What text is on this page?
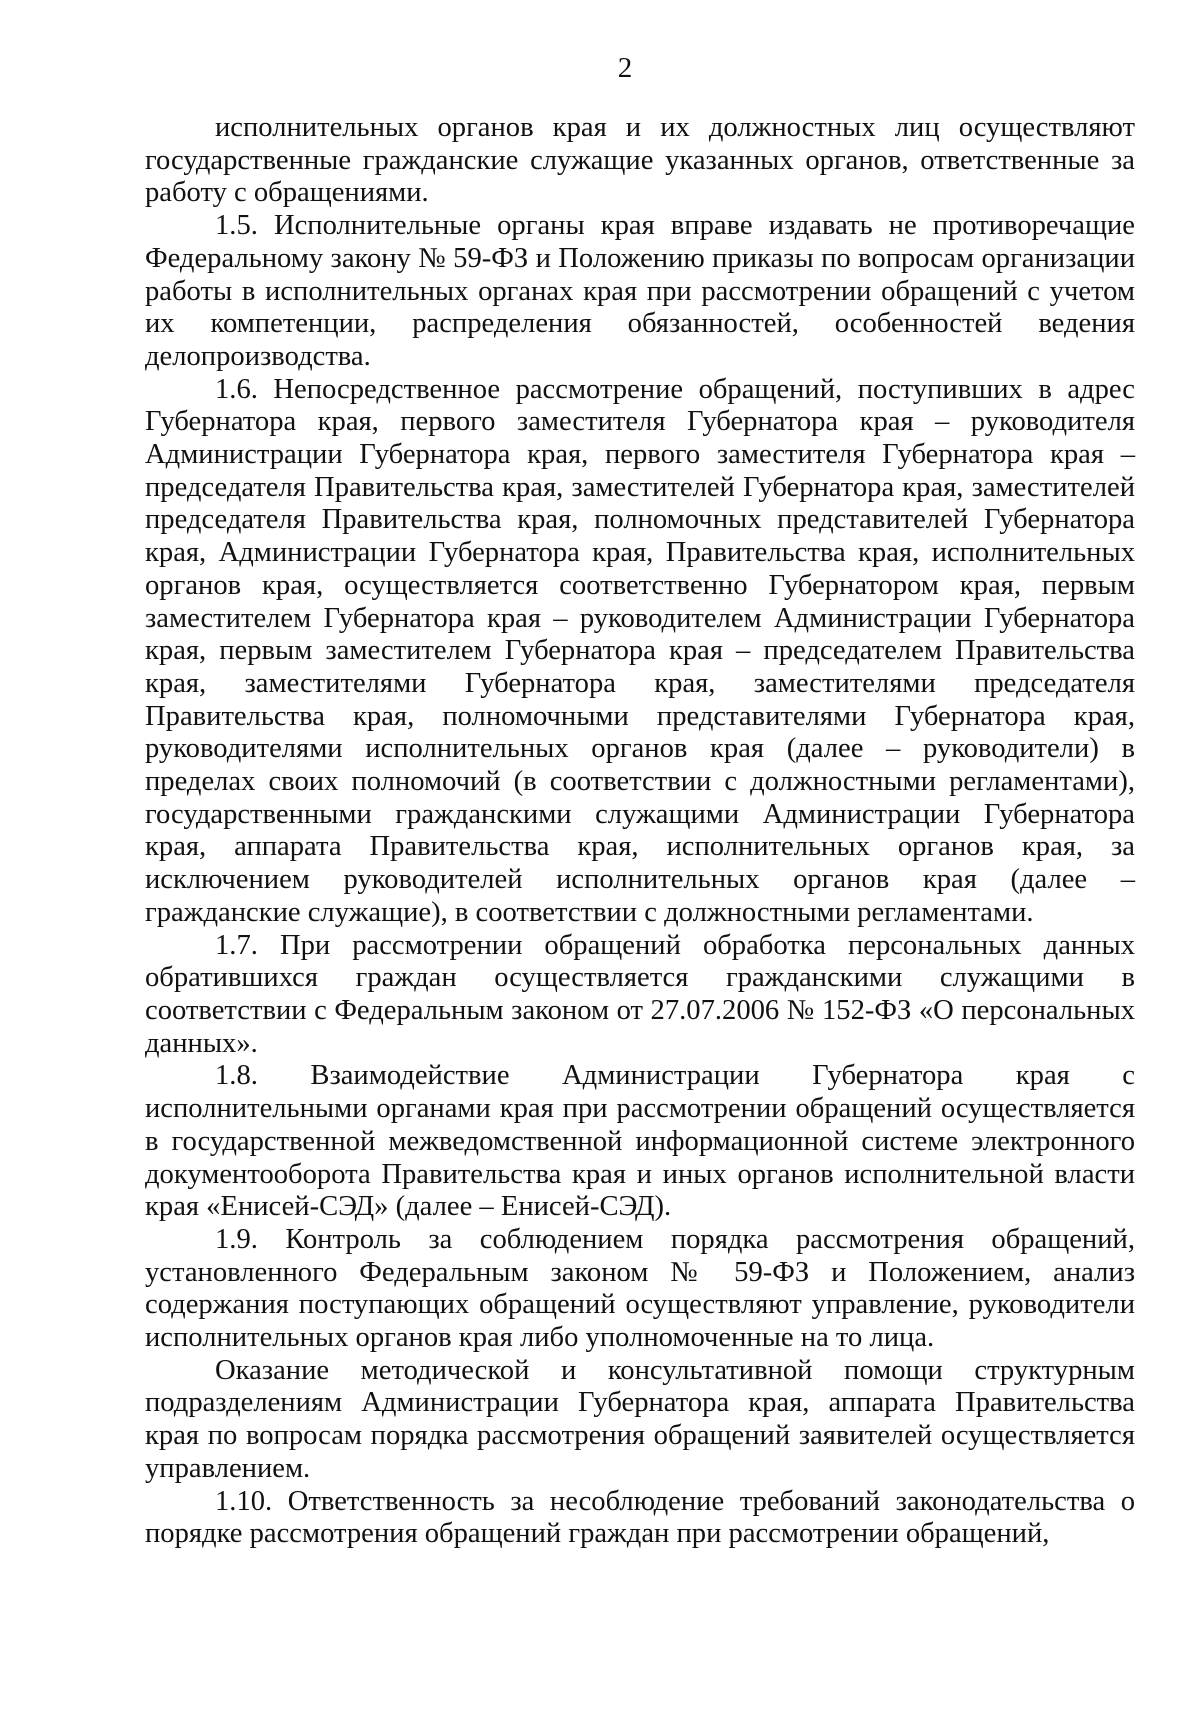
2

исполнительных органов края и их должностных лиц осуществляют государственные гражданские служащие указанных органов, ответственные за работу с обращениями.

1.5. Исполнительные органы края вправе издавать не противоречащие Федеральному закону № 59-ФЗ и Положению приказы по вопросам организации работы в исполнительных органах края при рассмотрении обращений с учетом их компетенции, распределения обязанностей, особенностей ведения делопроизводства.

1.6. Непосредственное рассмотрение обращений, поступивших в адрес Губернатора края, первого заместителя Губернатора края – руководителя Администрации Губернатора края, первого заместителя Губернатора края – председателя Правительства края, заместителей Губернатора края, заместителей председателя Правительства края, полномочных представителей Губернатора края, Администрации Губернатора края, Правительства края, исполнительных органов края, осуществляется соответственно Губернатором края, первым заместителем Губернатора края – руководителем Администрации Губернатора края, первым заместителем Губернатора края – председателем Правительства края, заместителями Губернатора края, заместителями председателя Правительства края, полномочными представителями Губернатора края, руководителями исполнительных органов края (далее – руководители) в пределах своих полномочий (в соответствии с должностными регламентами), государственными гражданскими служащими Администрации Губернатора края, аппарата Правительства края, исполнительных органов края, за исключением руководителей исполнительных органов края (далее – гражданские служащие), в соответствии с должностными регламентами.

1.7. При рассмотрении обращений обработка персональных данных обратившихся граждан осуществляется гражданскими служащими в соответствии с Федеральным законом от 27.07.2006 № 152-ФЗ «О персональных данных».

1.8. Взаимодействие Администрации Губернатора края с исполнительными органами края при рассмотрении обращений осуществляется в государственной межведомственной информационной системе электронного документооборота Правительства края и иных органов исполнительной власти края «Енисей-СЭД» (далее – Енисей-СЭД).

1.9. Контроль за соблюдением порядка рассмотрения обращений, установленного Федеральным законом № 59-ФЗ и Положением, анализ содержания поступающих обращений осуществляют управление, руководители исполнительных органов края либо уполномоченные на то лица.

Оказание методической и консультативной помощи структурным подразделениям Администрации Губернатора края, аппарата Правительства края по вопросам порядка рассмотрения обращений заявителей осуществляется управлением.

1.10. Ответственность за несоблюдение требований законодательства о порядке рассмотрения обращений граждан при рассмотрении обращений,
